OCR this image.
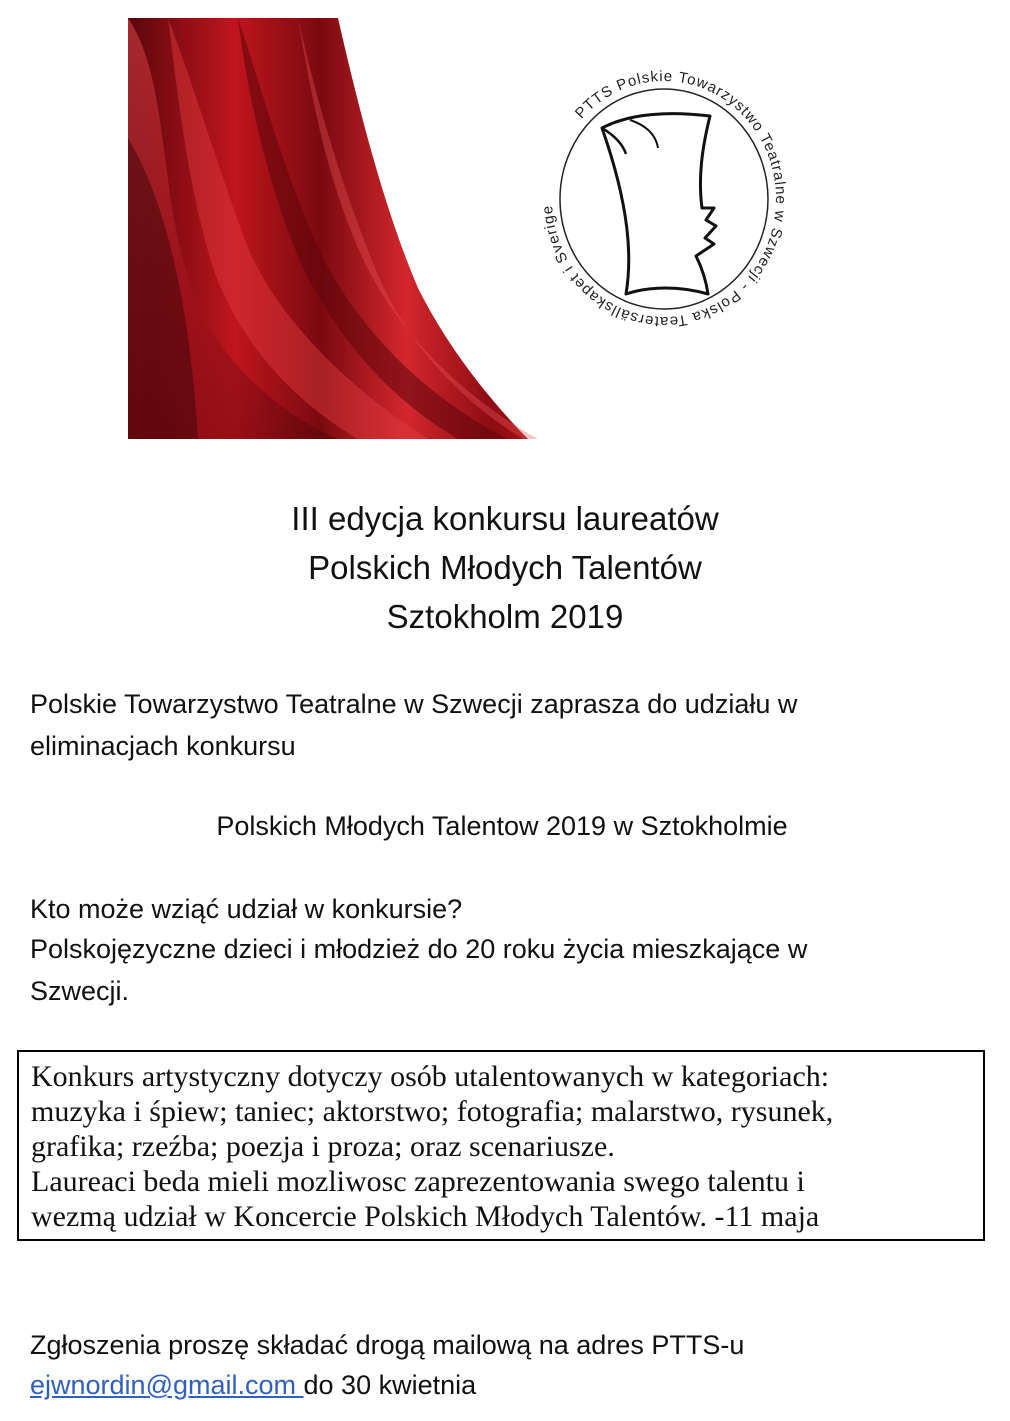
PTTS Polskie Towarzystwo Teatralne w Szwecji - Polska Teatersällskapet i Sverige
III edycja konkursu laureatów
Polskich Młodych Talentów
Sztokholm 2019
Polskie Towarzystwo Teatralne w Szwecji zaprasza do udziału w
eliminacjach konkursu
Polskich Młodych Talentow 2019 w Sztokholmie
Kto może wziąć udział w konkursie?
Polskojęzyczne dzieci i młodzież do 20 roku życia mieszkające w
Szwecji.
Konkurs artystyczny dotyczy osób utalentowanych w kategoriach:
muzyka i śpiew; taniec; aktorstwo; fotografia; malarstwo, rysunek,
grafika; rzeźba; poezja i proza; oraz scenariusze.
Laureaci beda mieli mozliwosc zaprezentowania swego talentu i
wezmą udział w Koncercie Polskich Młodych Talentów. -11 maja
Zgłoszenia proszę składać drogą mailową na adres PTTS-u
ejwnordin@gmail.com do 30 kwietnia
